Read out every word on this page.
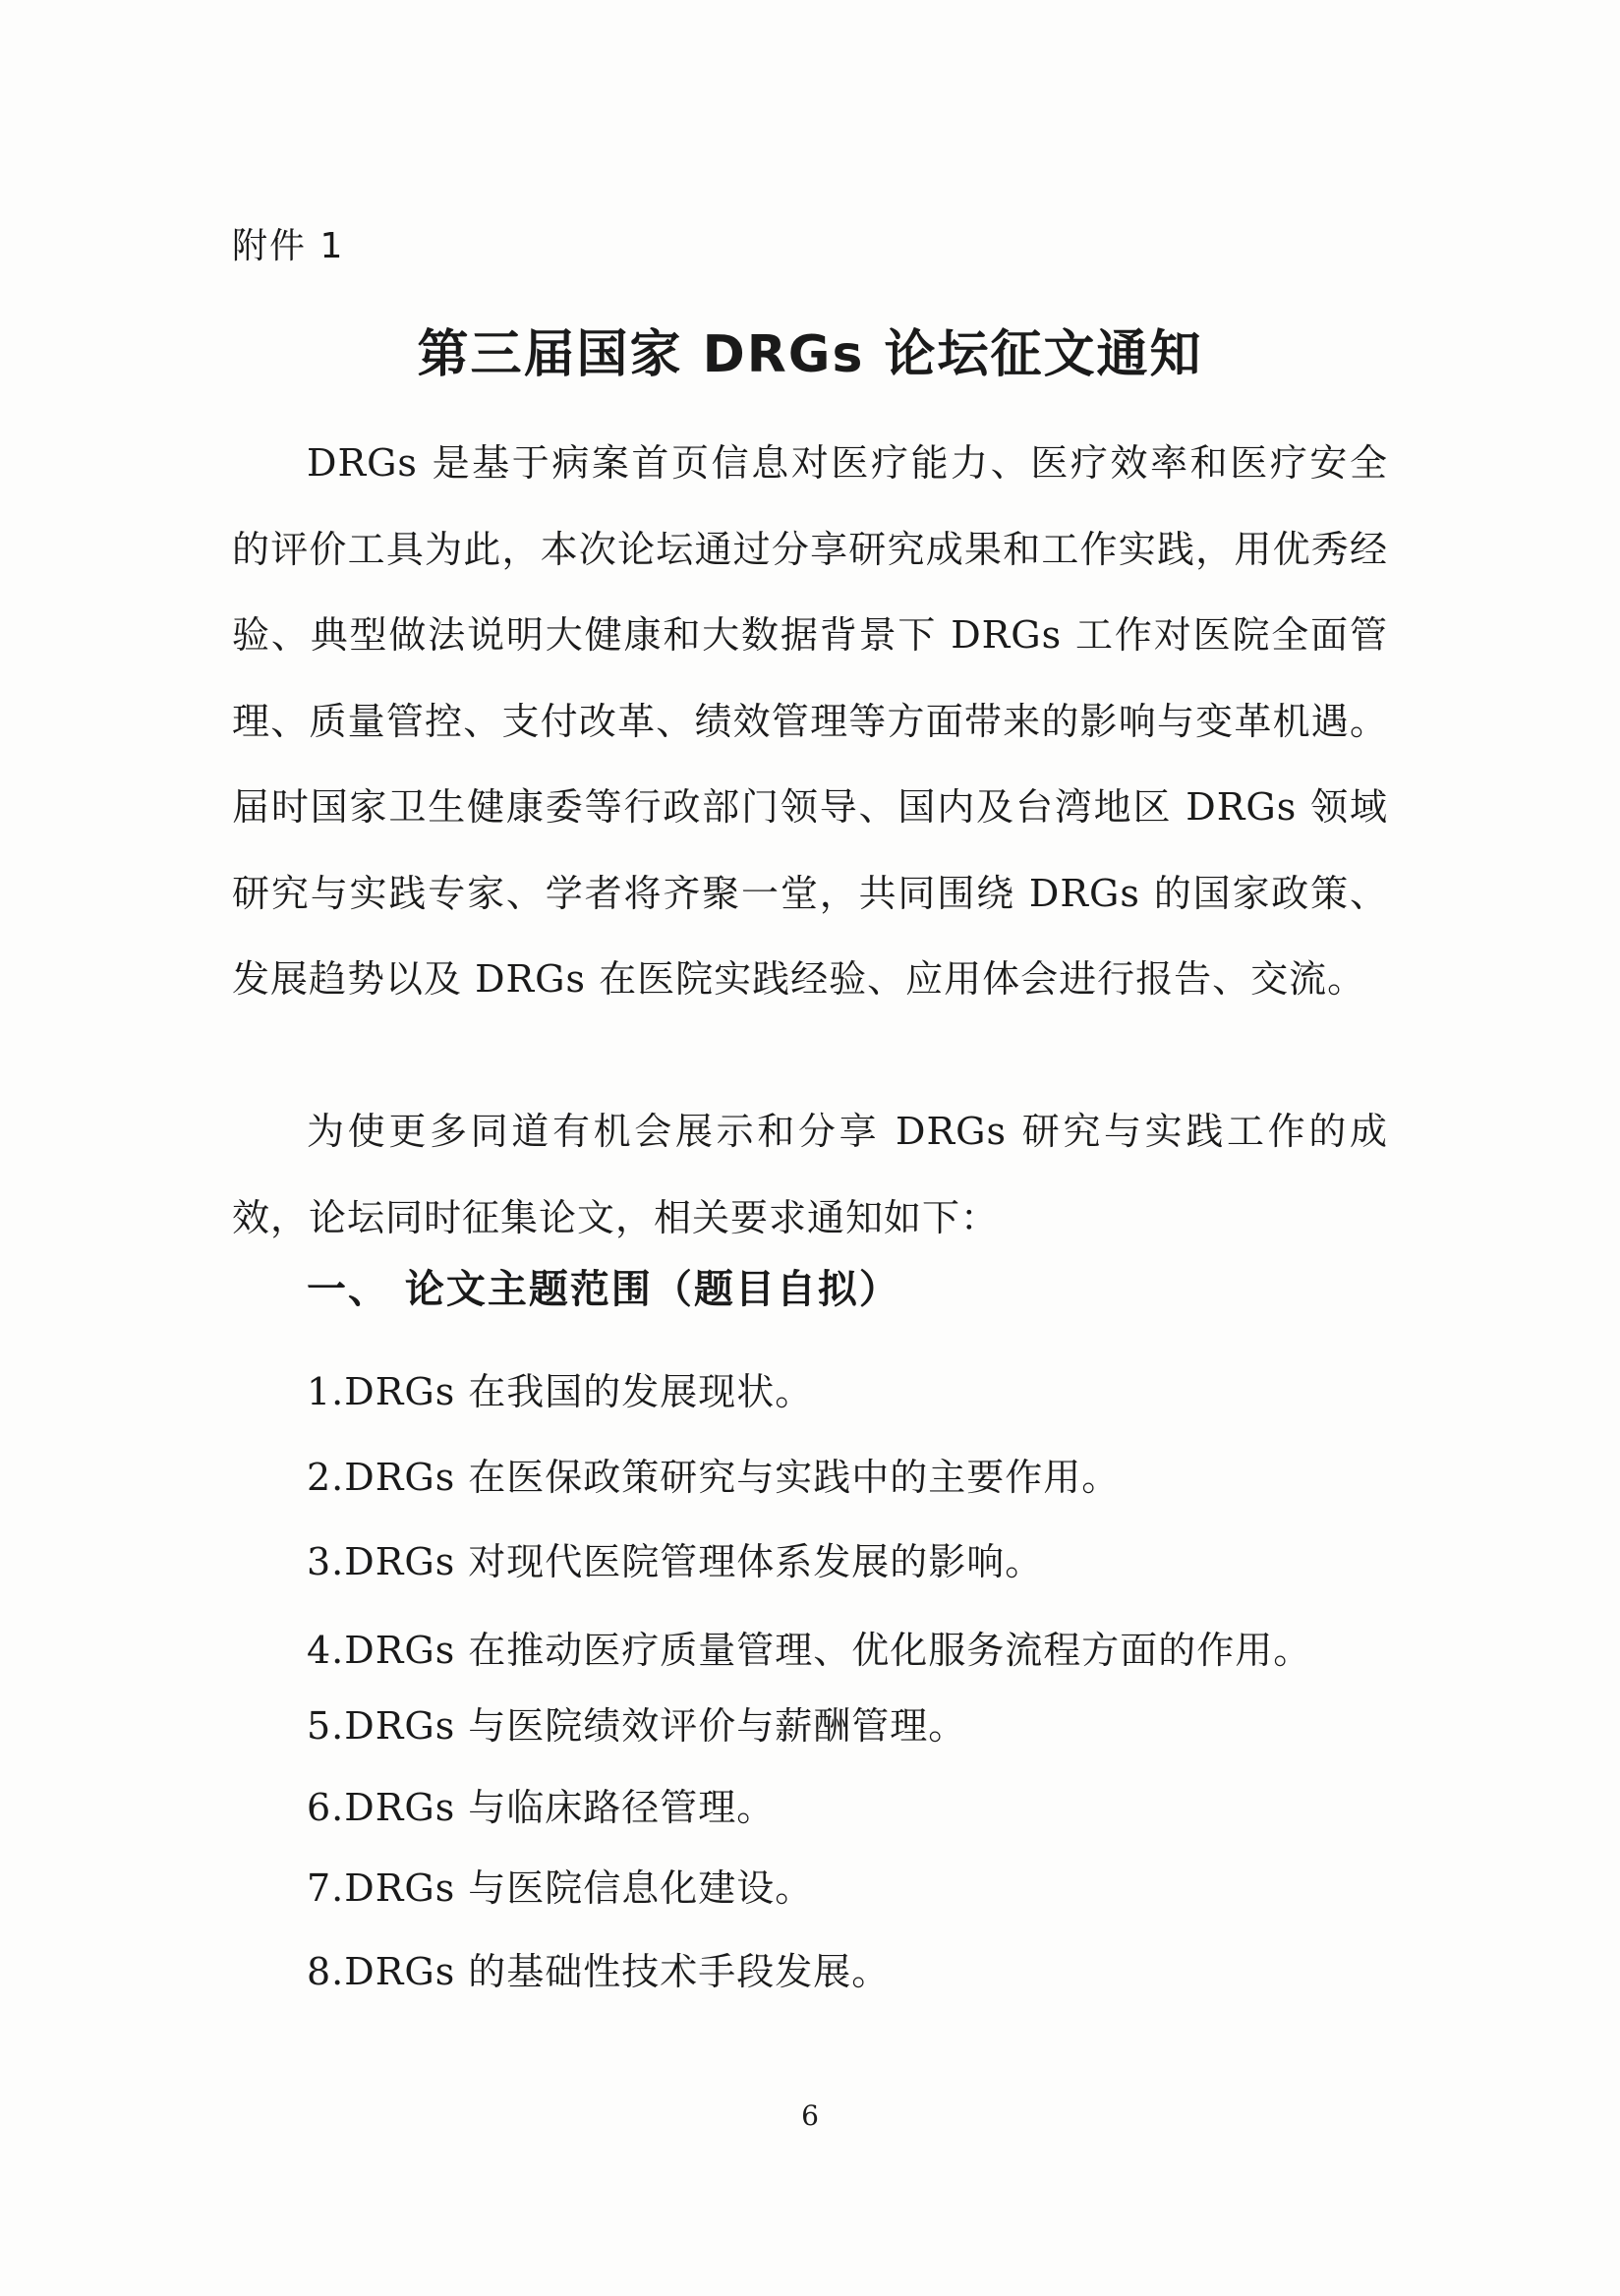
附件 1
第三届国家 DRGs 论坛征文通知

DRGs 是基于病案首页信息对医疗能力、医疗效率和医疗安全的评价工具为此，本次论坛通过分享研究成果和工作实践，用优秀经验、典型做法说明大健康和大数据背景下 DRGs 工作对医院全面管理、质量管控、支付改革、绩效管理等方面带来的影响与变革机遇。届时国家卫生健康委等行政部门领导、国内及台湾地区 DRGs 领域研究与实践专家、学者将齐聚一堂，共同围绕 DRGs 的国家政策、发展趋势以及 DRGs 在医院实践经验、应用体会进行报告、交流。

为使更多同道有机会展示和分享 DRGs 研究与实践工作的成效，论坛同时征集论文，相关要求通知如下：

一、 论文主题范围（题目自拟）
1.DRGs 在我国的发展现状。
2.DRGs 在医保政策研究与实践中的主要作用。
3.DRGs 对现代医院管理体系发展的影响。
4.DRGs 在推动医疗质量管理、优化服务流程方面的作用。
5.DRGs 与医院绩效评价与薪酬管理。
6.DRGs 与临床路径管理。
7.DRGs 与医院信息化建设。
8.DRGs 的基础性技术手段发展。
6
